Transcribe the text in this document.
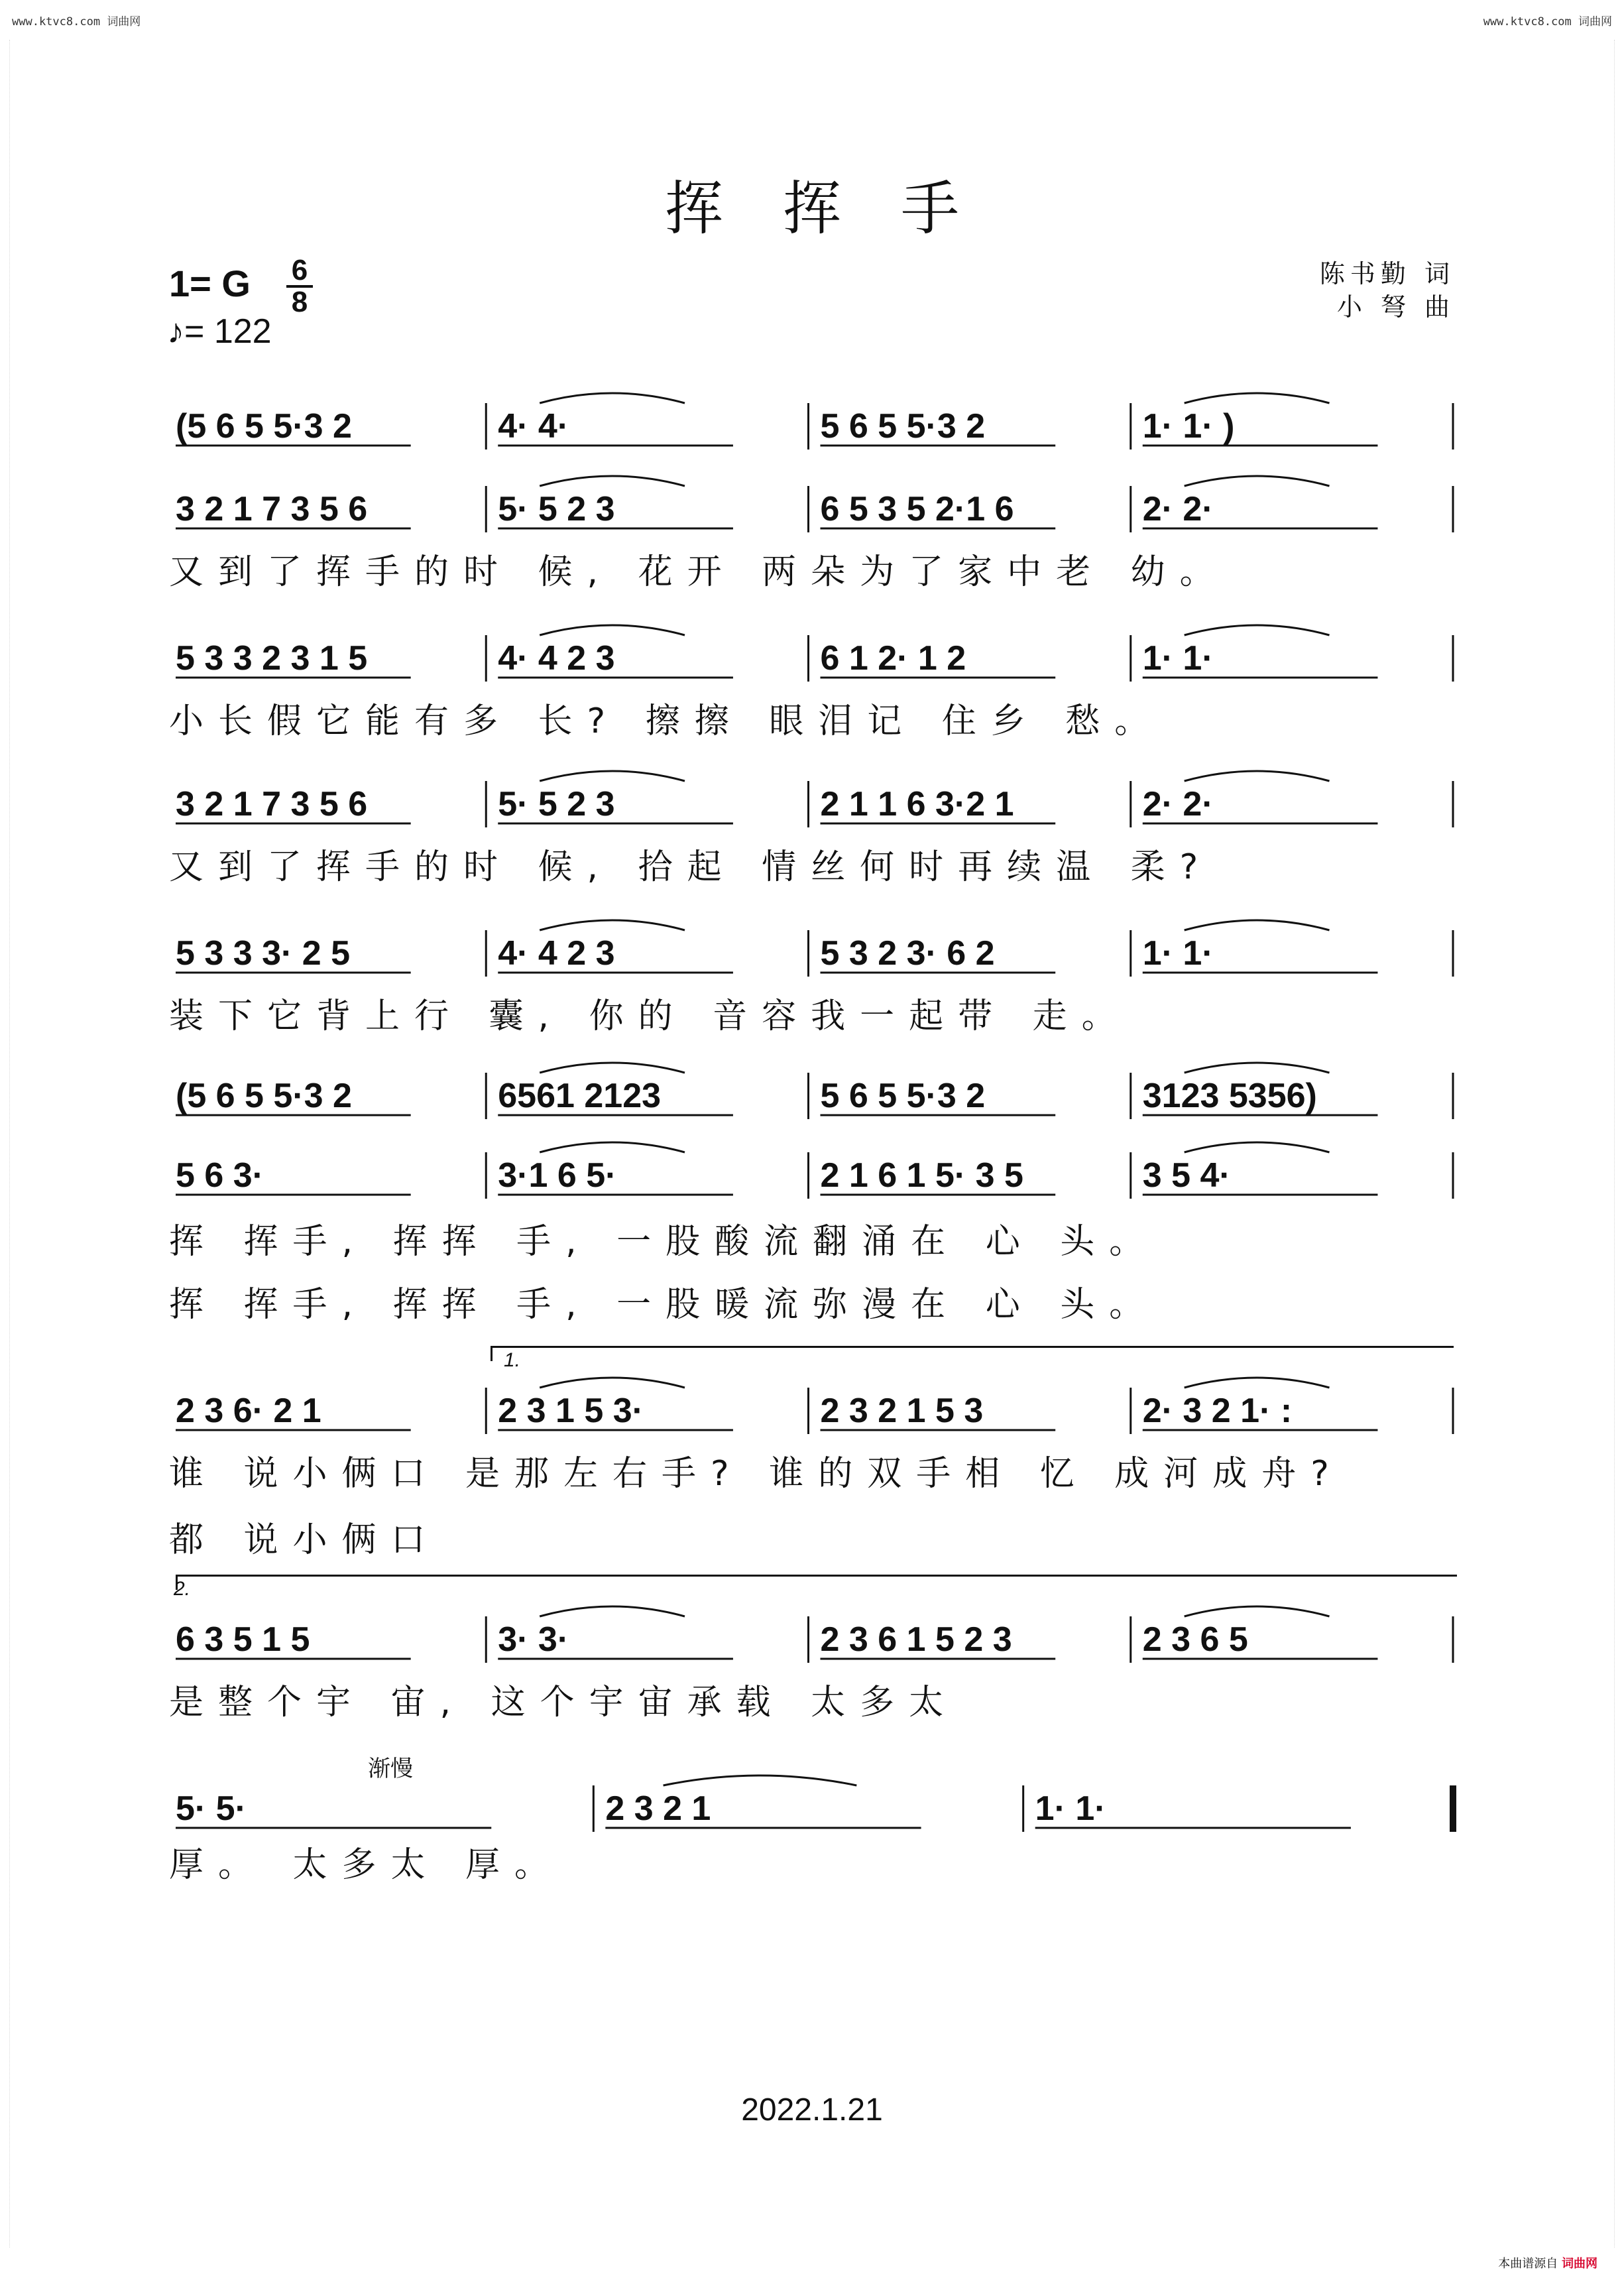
www.ktvc8.com 词曲网	www.ktvc8.com 词曲网
挥挥手
1= G 6
8
♪= 122
陈书勤 词
小 弩 曲
(5 6 5 5·3 2	4· 4·	5 6 5 5·3 2	1· 1· )
3 2 1 7 3 5 6	5· 5 2 3	6 5 3 5 2·1 6	2· 2·
又到了挥手的时 候, 花开 两朵为了家中老 幼。
5 3 3 2 3 1 5	4· 4 2 3	6 1 2· 1 2	1· 1·
小长假它能有多 长? 擦擦 眼泪记 住乡 愁。
3 2 1 7 3 5 6	5· 5 2 3	2 1 1 6 3·2 1	2· 2·
又到了挥手的时 候, 拾起 情丝何时再续温 柔?
5 3 3 3· 2 5	4· 4 2 3	5 3 2 3· 6 2	1· 1·
装下它背上行 囊, 你的 音容我一起带 走。
(5 6 5 5·3 2	6561 2123	5 6 5 5·3 2	3123 5356)
5 6 3·	3·1 6 5·	2 1 6 1 5· 3 5	3 5 4·
挥 挥手, 挥挥 手, 一股酸流翻涌在 心 头。
挥 挥手, 挥挥 手, 一股暖流弥漫在 心 头。
2 3 6· 2 1	2 3 1 5 3·	2 3 2 1 5 3	2· 3 2 1· :
1.
谁 说小俩口 是那左右手? 谁的双手相 忆 成河成舟?
都 说小俩口
6 3 5 1 5	3· 3·	2 3 6 1 5 2 3	2 3 6 5
2.
是整个宇 宙, 这个宇宙承载 太多太
5· 5·	2 3 2 1	1· 1·
渐慢
厚。 太多太 厚。
2022.1.21
本曲谱源自 词曲网
